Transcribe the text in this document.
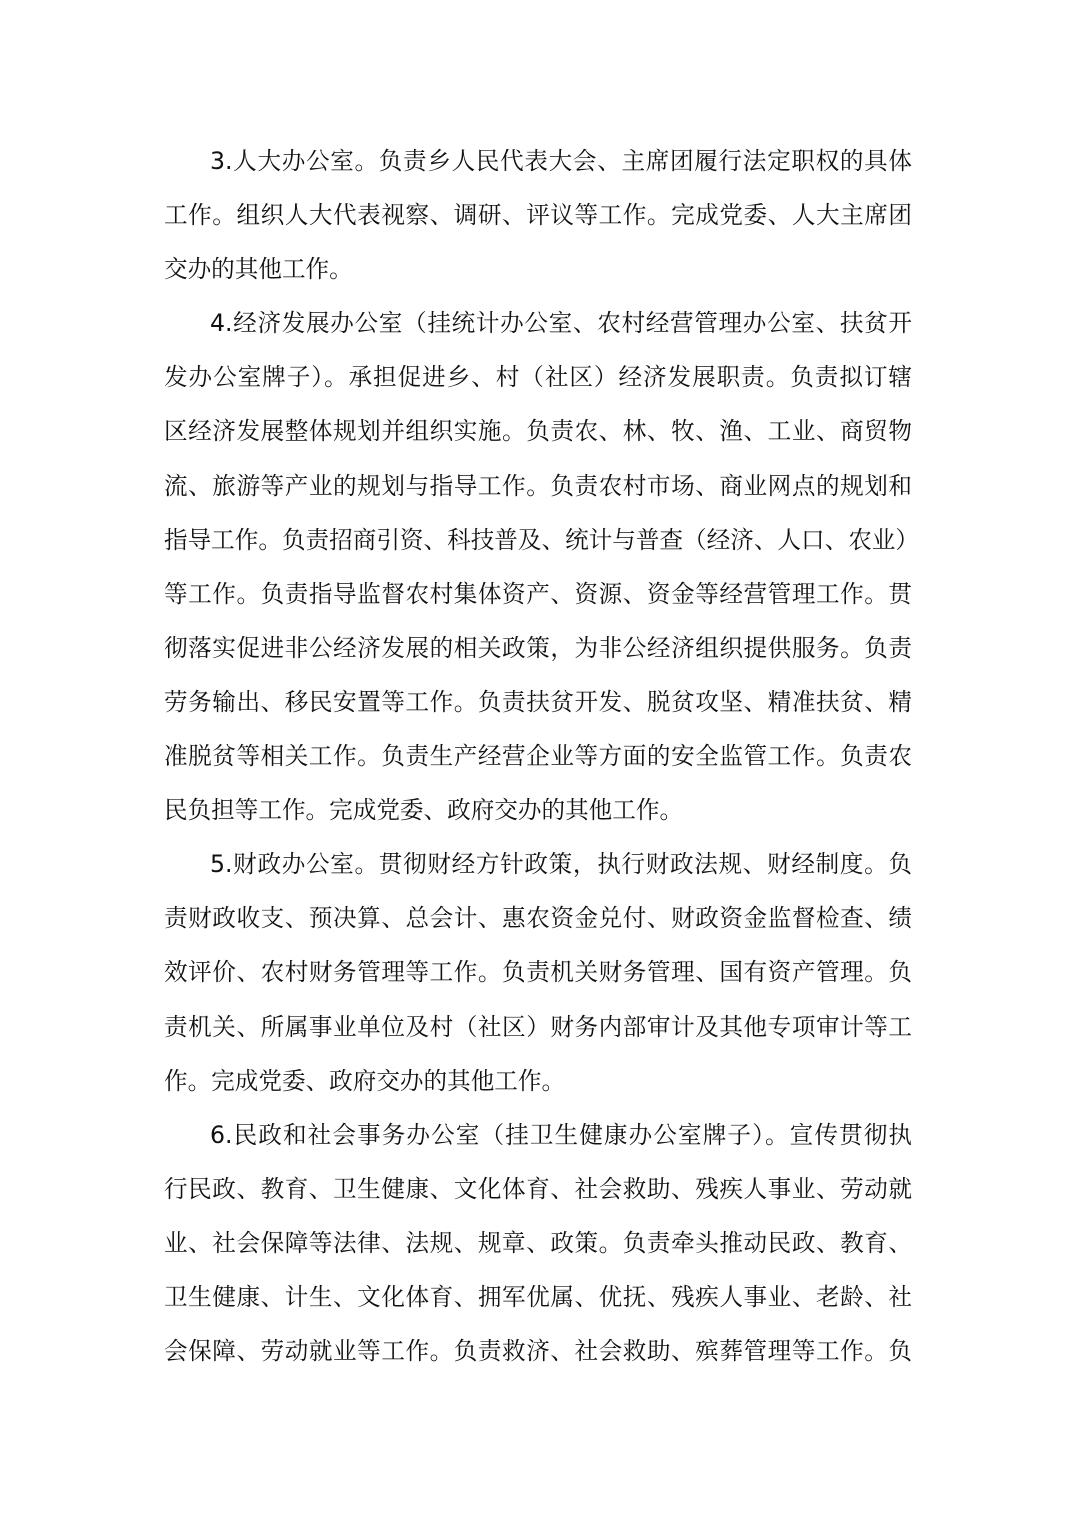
3.人大办公室。负责乡人民代表大会、主席团履行法定职权的具体
工作。组织人大代表视察、调研、评议等工作。完成党委、人大主席团
交办的其他工作。
4.经济发展办公室（挂统计办公室、农村经营管理办公室、扶贫开
发办公室牌子）。承担促进乡、村（社区）经济发展职责。负责拟订辖
区经济发展整体规划并组织实施。负责农、林、牧、渔、工业、商贸物
流、旅游等产业的规划与指导工作。负责农村市场、商业网点的规划和
指导工作。负责招商引资、科技普及、统计与普查（经济、人口、农业）
等工作。负责指导监督农村集体资产、资源、资金等经营管理工作。贯
彻落实促进非公经济发展的相关政策，为非公经济组织提供服务。负责
劳务输出、移民安置等工作。负责扶贫开发、脱贫攻坚、精准扶贫、精
准脱贫等相关工作。负责生产经营企业等方面的安全监管工作。负责农
民负担等工作。完成党委、政府交办的其他工作。
5.财政办公室。贯彻财经方针政策，执行财政法规、财经制度。负
责财政收支、预决算、总会计、惠农资金兑付、财政资金监督检查、绩
效评价、农村财务管理等工作。负责机关财务管理、国有资产管理。负
责机关、所属事业单位及村（社区）财务内部审计及其他专项审计等工
作。完成党委、政府交办的其他工作。
6.民政和社会事务办公室（挂卫生健康办公室牌子）。宣传贯彻执
行民政、教育、卫生健康、文化体育、社会救助、残疾人事业、劳动就
业、社会保障等法律、法规、规章、政策。负责牵头推动民政、教育、
卫生健康、计生、文化体育、拥军优属、优抚、残疾人事业、老龄、社
会保障、劳动就业等工作。负责救济、社会救助、殡葬管理等工作。负
